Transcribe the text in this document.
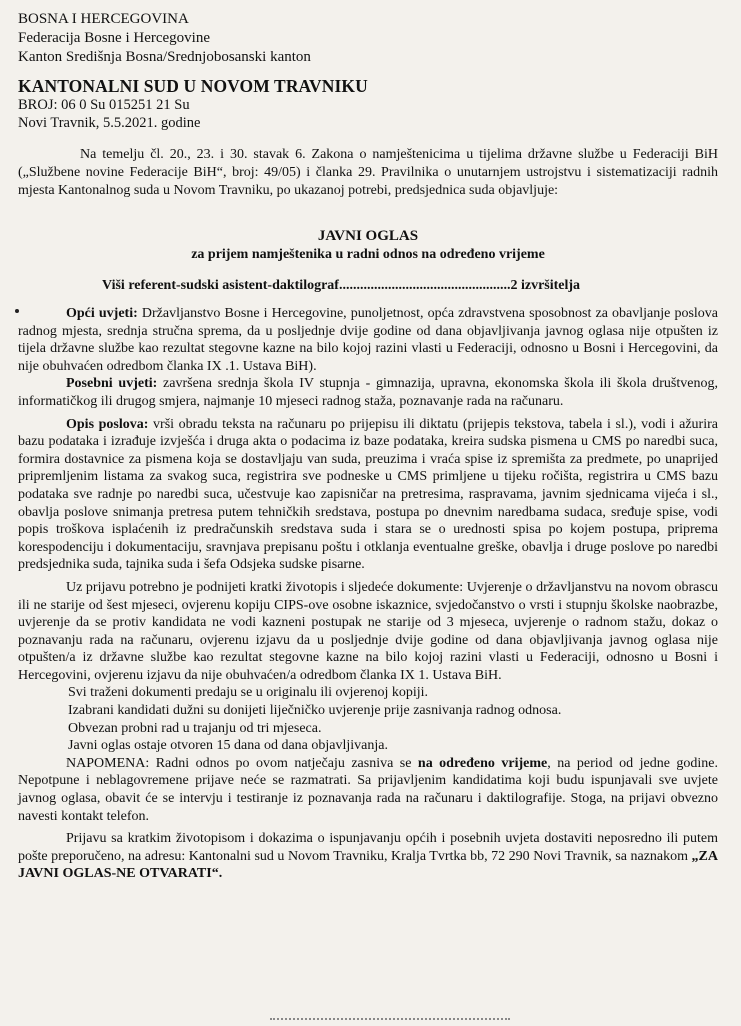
BOSNA I HERCEGOVINA
Federacija Bosne i Hercegovine
Kanton Središnja Bosna/Srednjobosanski kanton
KANTONALNI SUD U NOVOM TRAVNIKU
BROJ: 06 0 Su 015251 21 Su
Novi Travnik, 5.5.2021. godine
Na temelju čl. 20., 23. i 30. stavak 6. Zakona o namještenicima u tijelima državne službe u Federaciji BiH („Službene novine Federacije BiH“, broj: 49/05) i članka 29. Pravilnika o unutarnjem ustrojstvu i sistematizaciji radnih mjesta Kantonalnog suda u Novom Travniku, po ukazanoj potrebi, predsjednica suda objavljuje:
JAVNI OGLAS
za prijem namještenika u radni odnos na određeno vrijeme
Viši referent-sudski asistent-daktilograf.................................................2 izvršitelja
Opći uvjeti: Državljanstvo Bosne i Hercegovine, punoljetnost, opća zdravstvena sposobnost za obavljanje poslova radnog mjesta, srednja stručna sprema, da u posljednje dvije godine od dana objavljivanja javnog oglasa nije otpušten iz tijela državne službe kao rezultat stegovne kazne na bilo kojoj razini vlasti u Federaciji, odnosno u Bosni i Hercegovini, da nije obuhvaćen odredbom članka IX .1. Ustava BiH).
Posebni uvjeti: završena srednja škola IV stupnja - gimnazija, upravna, ekonomska škola ili škola društvenog, informatičkog ili drugog smjera, najmanje 10 mjeseci radnog staža, poznavanje rada na računaru.
Opis poslova: vrši obradu teksta na računaru po prijepisu ili diktatu (prijepis tekstova, tabela i sl.), vodi i ažurira bazu podataka i izrađuje izvješća i druga akta o podacima iz baze podataka, kreira sudska pismena u CMS po naredbi suca, formira dostavnice za pismena koja se dostavljaju van suda, preuzima i vraća spise iz spremišta za predmete, po unaprijed pripremljenim listama za svakog suca, registrira sve podneske u CMS primljene u tijeku ročišta, registrira u CMS bazu podataka sve radnje po naredbi suca, učestvuje kao zapisničar na pretresima, raspravama, javnim sjednicama vijeća i sl., obavlja poslove snimanja pretresa putem tehničkih sredstava, postupa po dnevnim naredbama sudaca, sređuje spise, vodi popis troškova isplaćenih iz predračunskih sredstava suda i stara se o urednosti spisa po kojem postupa, priprema korespodenciju i dokumentaciju, sravnjava prepisanu poštu i otklanja eventualne greške, obavlja i druge poslove po naredbi predsjednika suda, tajnika suda i šefa Odsjeka sudske pisarne.
Uz prijavu potrebno je podnijeti kratki životopis i sljedeće dokumente: Uvjerenje o državljanstvu na novom obrascu ili ne starije od šest mjeseci, ovjerenu kopiju CIPS-ove osobne iskaznice, svjedočanstvo o vrsti i stupnju školske naobrazbe, uvjerenje da se protiv kandidata ne vodi kazneni postupak ne starije od 3 mjeseca, uvjerenje o radnom stažu, dokaz o poznavanju rada na računaru, ovjerenu izjavu da u posljednje dvije godine od dana objavljivanja javnog oglasa nije otpušten/a iz državne službe kao rezultat stegovne kazne na bilo kojoj razini vlasti u Federaciji, odnosno u Bosni i Hercegovini, ovjerenu izjavu da nije obuhvaćen/a odredbom članka IX 1. Ustava BiH.
Svi traženi dokumenti predaju se u originalu ili ovjerenoj kopiji.
Izabrani kandidati dužni su donijeti liječničko uvjerenje prije zasnivanja radnog odnosa.
Obvezan probni rad u trajanju od tri mjeseca.
Javni oglas ostaje otvoren 15 dana od dana objavljivanja.
NAPOMENA: Radni odnos po ovom natječaju zasniva se na određeno vrijeme, na period od jedne godine. Nepotpune i neblagovremene prijave neće se razmatrati. Sa prijavljenim kandidatima koji budu ispunjavali sve uvjete javnog oglasa, obavit će se intervju i testiranje iz poznavanja rada na računaru i daktilografije. Stoga, na prijavi obvezno navesti kontakt telefon.
Prijavu sa kratkim životopisom i dokazima o ispunjavanju općih i posebnih uvjeta dostaviti neposredno ili putem pošte preporučeno, na adresu: Kantonalni sud u Novom Travniku, Kralja Tvrtka bb, 72 290 Novi Travnik, sa naznakom „ZA JAVNI OGLAS-NE OTVARATI“.
